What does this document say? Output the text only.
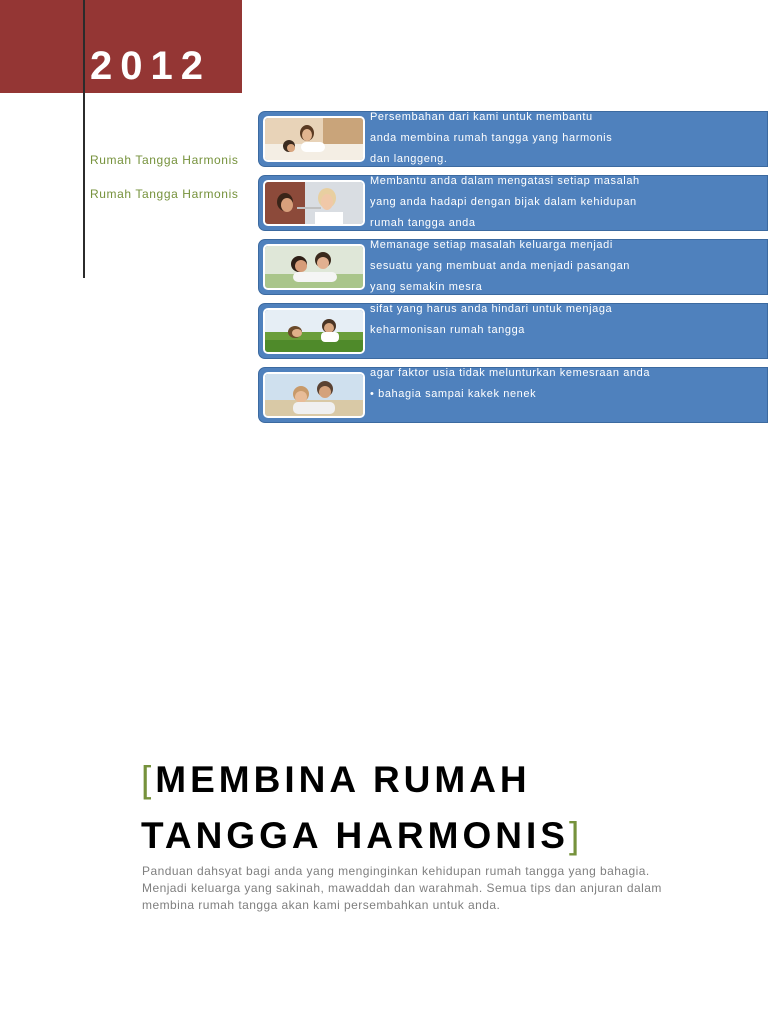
2012
Rumah Tangga Harmonis
Rumah Tangga Harmonis
Persembahan dari kami untuk membantu
anda membina rumah tangga yang harmonis
dan langgeng.
Membantu anda dalam mengatasi setiap masalah
yang anda hadapi dengan bijak dalam kehidupan
rumah tangga anda
Memanage setiap masalah keluarga menjadi
sesuatu yang membuat anda menjadi pasangan
yang semakin mesra
sifat yang harus anda hindari untuk menjaga
keharmonisan rumah tangga
agar faktor usia tidak melunturkan kemesraan anda
• bahagia sampai kakek nenek
[MEMBINA RUMAH
TANGGA HARMONIS]
Panduan dahsyat bagi anda yang menginginkan kehidupan rumah tangga yang bahagia. Menjadi keluarga yang sakinah, mawaddah dan warahmah. Semua tips dan anjuran dalam membina rumah tangga akan kami persembahkan untuk anda.
